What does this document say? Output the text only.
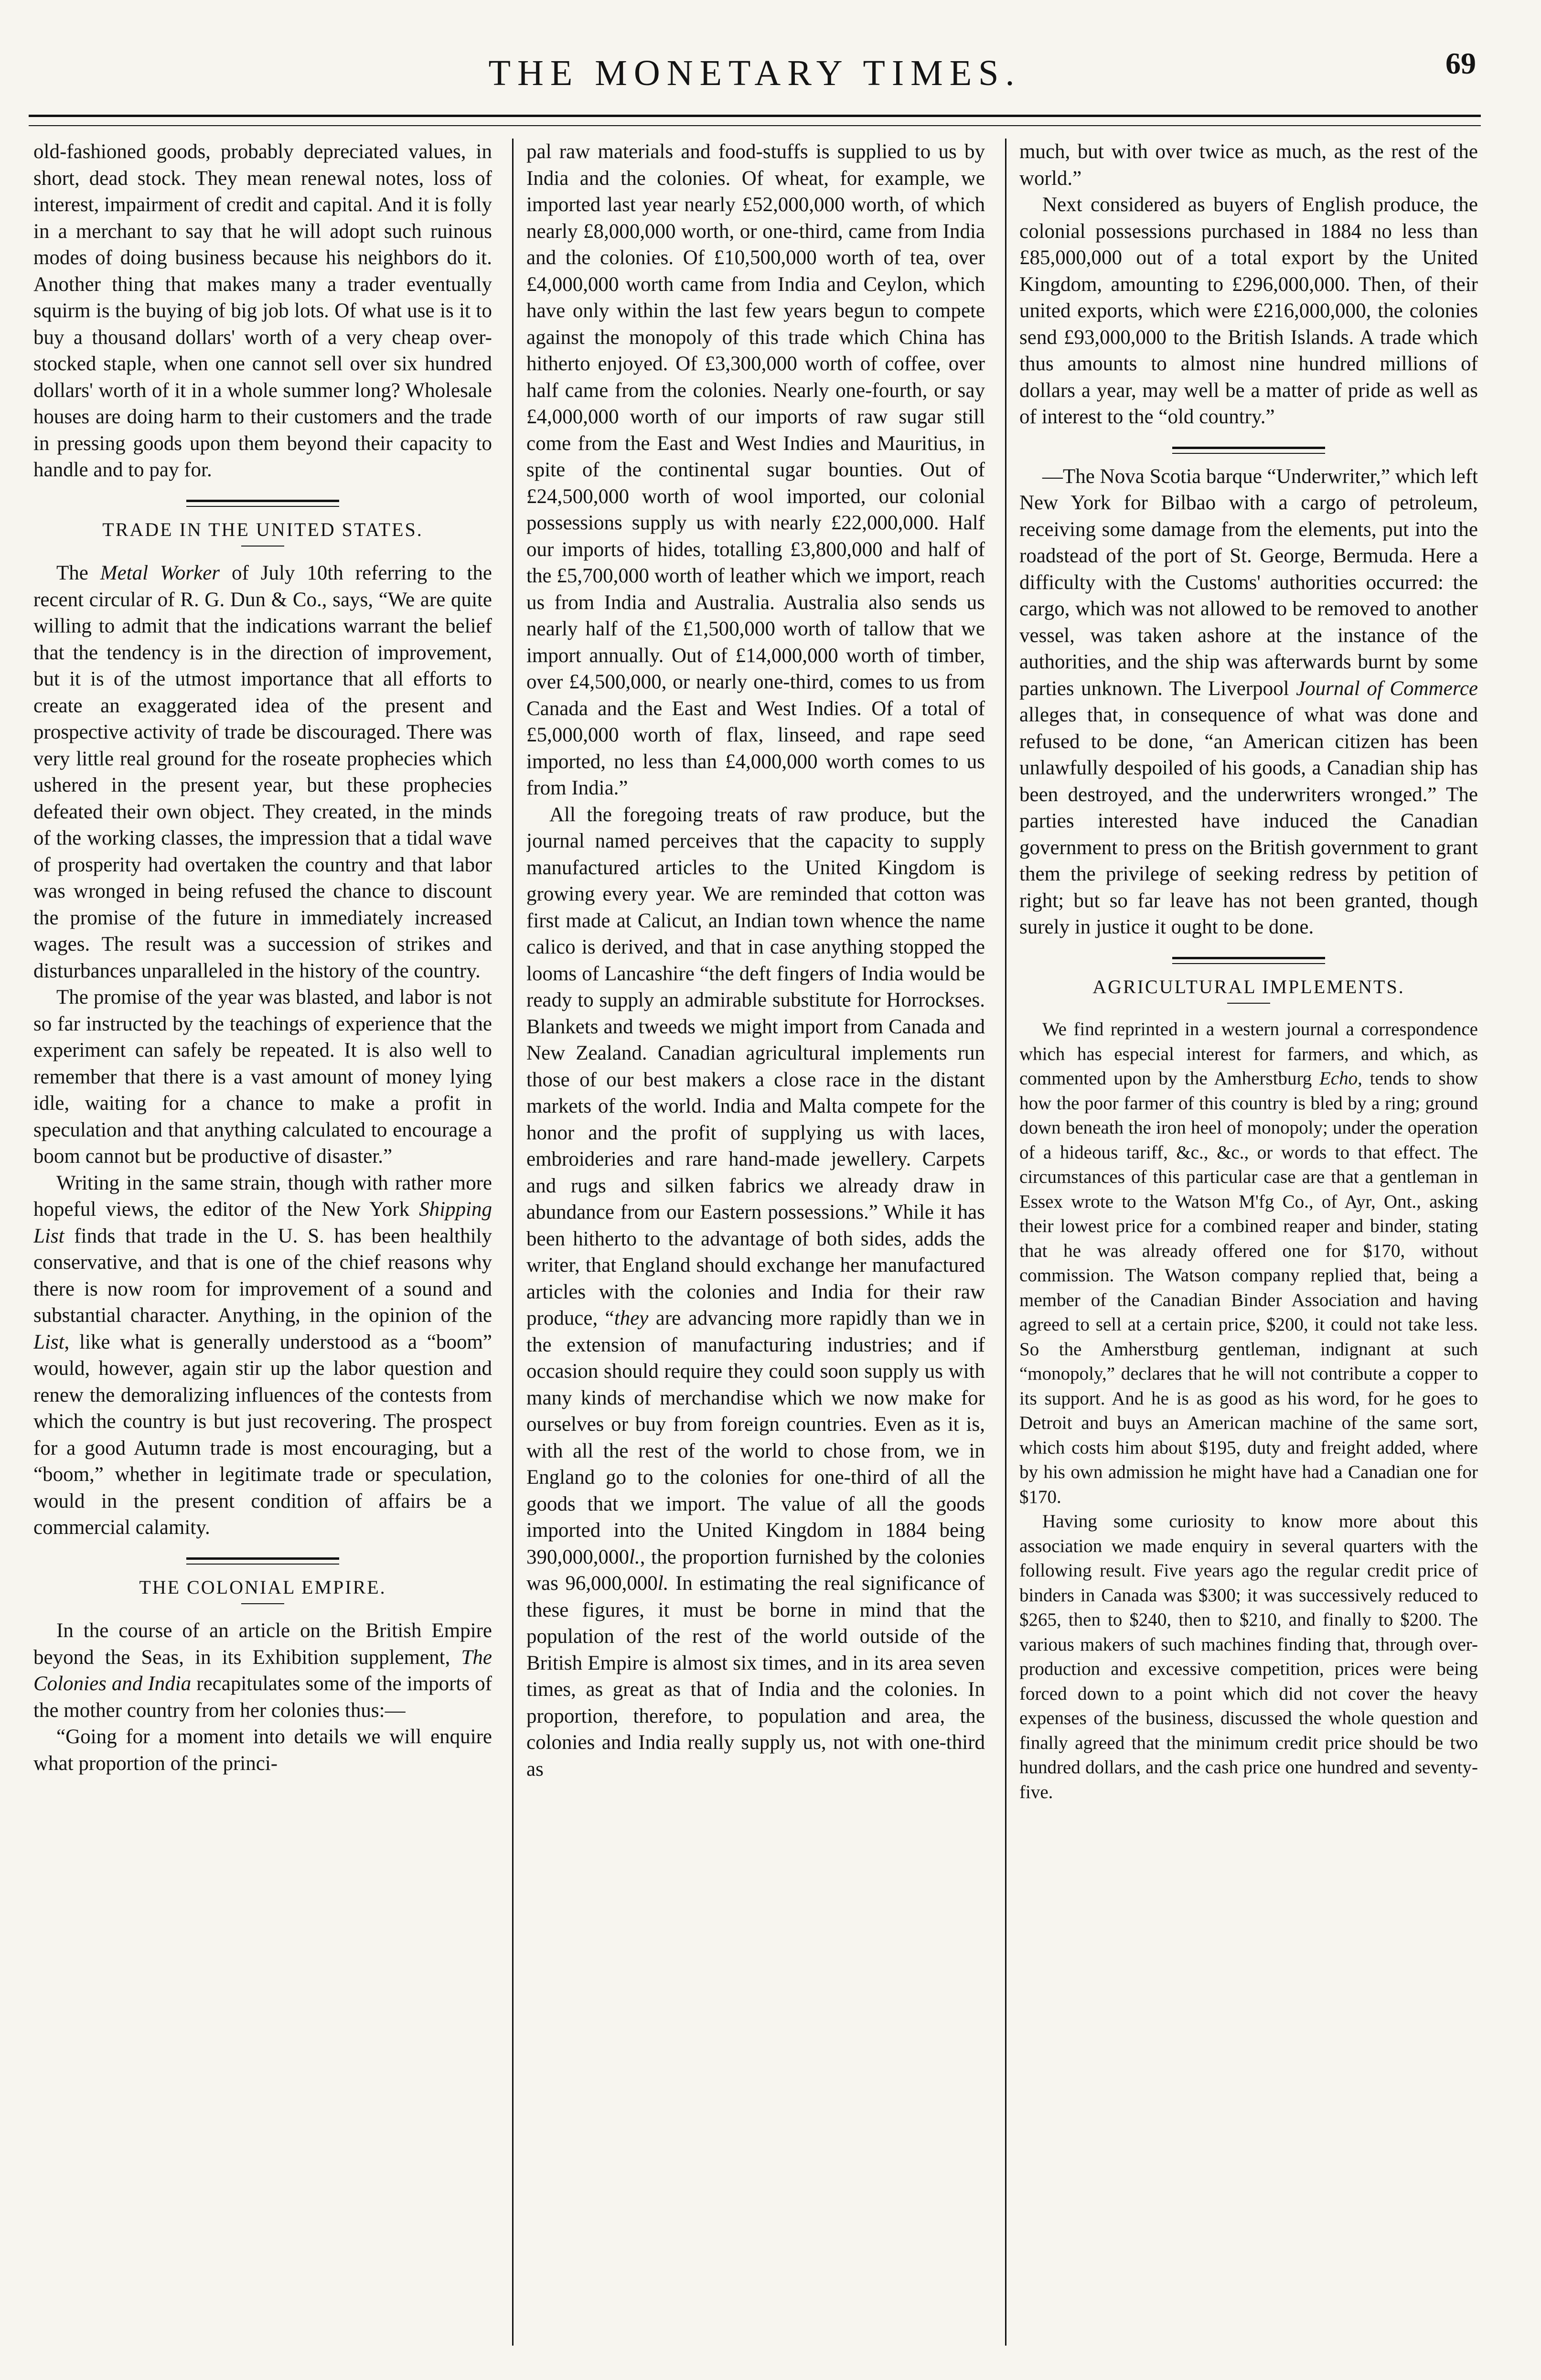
THE MONETARY TIMES.	69

old-fashioned goods, probably depreciated values, in short, dead stock. They mean renewal notes, loss of interest, impairment of credit and capital. And it is folly in a merchant to say that he will adopt such ruinous modes of doing business because his neighbors do it. Another thing that makes many a trader eventually squirm is the buying of big job lots. Of what use is it to buy a thousand dollars' worth of a very cheap over-stocked staple, when one cannot sell over six hundred dollars' worth of it in a whole summer long? Wholesale houses are doing harm to their customers and the trade in pressing goods upon them beyond their capacity to handle and to pay for.

TRADE IN THE UNITED STATES.

The Metal Worker of July 10th referring to the recent circular of R. G. Dun & Co., says, “We are quite willing to admit that the indications warrant the belief that the tendency is in the direction of improvement, but it is of the utmost importance that all efforts to create an exaggerated idea of the present and prospective activity of trade be discouraged. There was very little real ground for the roseate prophecies which ushered in the present year, but these prophecies defeated their own object. They created, in the minds of the working classes, the impression that a tidal wave of prosperity had overtaken the country and that labor was wronged in being refused the chance to discount the promise of the future in immediately increased wages. The result was a succession of strikes and disturbances unparalleled in the history of the country.

The promise of the year was blasted, and labor is not so far instructed by the teachings of experience that the experiment can safely be repeated. It is also well to remember that there is a vast amount of money lying idle, waiting for a chance to make a profit in speculation and that anything calculated to encourage a boom cannot but be productive of disaster.”

Writing in the same strain, though with rather more hopeful views, the editor of the New York Shipping List finds that trade in the U. S. has been healthily conservative, and that is one of the chief reasons why there is now room for improvement of a sound and substantial character. Anything, in the opinion of the List, like what is generally understood as a “boom” would, however, again stir up the labor question and renew the demoralizing influences of the contests from which the country is but just recovering. The prospect for a good Autumn trade is most encouraging, but a “boom,” whether in legitimate trade or speculation, would in the present condition of affairs be a commercial calamity.

THE COLONIAL EMPIRE.

In the course of an article on the British Empire beyond the Seas, in its Exhibition supplement, The Colonies and India recapitulates some of the imports of the mother country from her colonies thus:—

“Going for a moment into details we will enquire what proportion of the princi-

pal raw materials and food-stuffs is supplied to us by India and the colonies. Of wheat, for example, we imported last year nearly £52,000,000 worth, of which nearly £8,000,000 worth, or one-third, came from India and the colonies. Of £10,500,000 worth of tea, over £4,000,000 worth came from India and Ceylon, which have only within the last few years begun to compete against the monopoly of this trade which China has hitherto enjoyed. Of £3,300,000 worth of coffee, over half came from the colonies. Nearly one-fourth, or say £4,000,000 worth of our imports of raw sugar still come from the East and West Indies and Mauritius, in spite of the continental sugar bounties. Out of £24,500,000 worth of wool imported, our colonial possessions supply us with nearly £22,000,000. Half our imports of hides, totalling £3,800,000 and half of the £5,700,000 worth of leather which we import, reach us from India and Australia. Australia also sends us nearly half of the £1,500,000 worth of tallow that we import annually. Out of £14,000,000 worth of timber, over £4,500,000, or nearly one-third, comes to us from Canada and the East and West Indies. Of a total of £5,000,000 worth of flax, linseed, and rape seed imported, no less than £4,000,000 worth comes to us from India.”

All the foregoing treats of raw produce, but the journal named perceives that the capacity to supply manufactured articles to the United Kingdom is growing every year. We are reminded that cotton was first made at Calicut, an Indian town whence the name calico is derived, and that in case anything stopped the looms of Lancashire “the deft fingers of India would be ready to supply an admirable substitute for Horrockses. Blankets and tweeds we might import from Canada and New Zealand. Canadian agricultural implements run those of our best makers a close race in the distant markets of the world. India and Malta compete for the honor and the profit of supplying us with laces, embroideries and rare hand-made jewellery. Carpets and rugs and silken fabrics we already draw in abundance from our Eastern possessions.” While it has been hitherto to the advantage of both sides, adds the writer, that England should exchange her manufactured articles with the colonies and India for their raw produce, “they are advancing more rapidly than we in the extension of manufacturing industries; and if occasion should require they could soon supply us with many kinds of merchandise which we now make for ourselves or buy from foreign countries. Even as it is, with all the rest of the world to chose from, we in England go to the colonies for one-third of all the goods that we import. The value of all the goods imported into the United Kingdom in 1884 being 390,000,000l., the proportion furnished by the colonies was 96,000,000l. In estimating the real significance of these figures, it must be borne in mind that the population of the rest of the world outside of the British Empire is almost six times, and in its area seven times, as great as that of India and the colonies. In proportion, therefore, to population and area, the colonies and India really supply us, not with one-third as

much, but with over twice as much, as the rest of the world.”

Next considered as buyers of English produce, the colonial possessions purchased in 1884 no less than £85,000,000 out of a total export by the United Kingdom, amounting to £296,000,000. Then, of their united exports, which were £216,000,000, the colonies send £93,000,000 to the British Islands. A trade which thus amounts to almost nine hundred millions of dollars a year, may well be a matter of pride as well as of interest to the “old country.”

—The Nova Scotia barque “Underwriter,” which left New York for Bilbao with a cargo of petroleum, receiving some damage from the elements, put into the roadstead of the port of St. George, Bermuda. Here a difficulty with the Customs' authorities occurred: the cargo, which was not allowed to be removed to another vessel, was taken ashore at the instance of the authorities, and the ship was afterwards burnt by some parties unknown. The Liverpool Journal of Commerce alleges that, in consequence of what was done and refused to be done, “an American citizen has been unlawfully despoiled of his goods, a Canadian ship has been destroyed, and the underwriters wronged.” The parties interested have induced the Canadian government to press on the British government to grant them the privilege of seeking redress by petition of right; but so far leave has not been granted, though surely in justice it ought to be done.

AGRICULTURAL IMPLEMENTS.

We find reprinted in a western journal a correspondence which has especial interest for farmers, and which, as commented upon by the Amherstburg Echo, tends to show how the poor farmer of this country is bled by a ring; ground down beneath the iron heel of monopoly; under the operation of a hideous tariff, &c., &c., or words to that effect. The circumstances of this particular case are that a gentleman in Essex wrote to the Watson M'fg Co., of Ayr, Ont., asking their lowest price for a combined reaper and binder, stating that he was already offered one for $170, without commission. The Watson company replied that, being a member of the Canadian Binder Association and having agreed to sell at a certain price, $200, it could not take less. So the Amherstburg gentleman, indignant at such “monopoly,” declares that he will not contribute a copper to its support. And he is as good as his word, for he goes to Detroit and buys an American machine of the same sort, which costs him about $195, duty and freight added, where by his own admission he might have had a Canadian one for $170.

Having some curiosity to know more about this association we made enquiry in several quarters with the following result. Five years ago the regular credit price of binders in Canada was $300; it was successively reduced to $265, then to $240, then to $210, and finally to $200. The various makers of such machines finding that, through over-production and excessive competition, prices were being forced down to a point which did not cover the heavy expenses of the business, discussed the whole question and finally agreed that the minimum credit price should be two hundred dollars, and the cash price one hundred and seventy-five.
